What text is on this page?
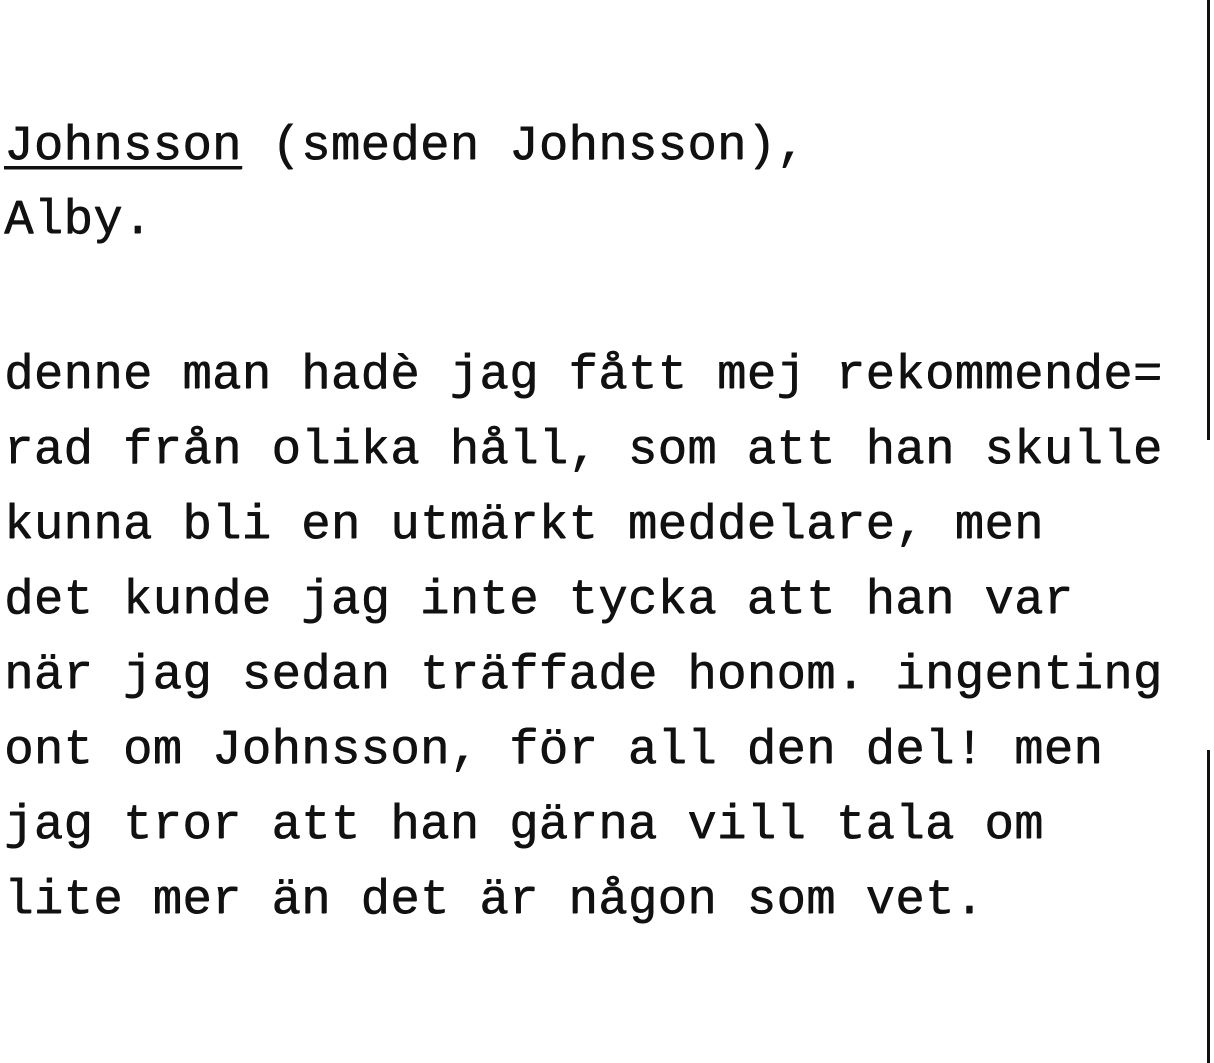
Johnsson (smeden Johnsson),

Alby.

denne man hadè jag fått mej rekommende=
rad från olika håll, som att han skulle
kunna bli en utmärkt meddelare, men
det kunde jag inte tycka att han var
när jag sedan träffade honom. ingenting
ont om Johnsson, för all den del! men
jag tror att han gärna vill tala om
lite mer än det är någon som vet.
